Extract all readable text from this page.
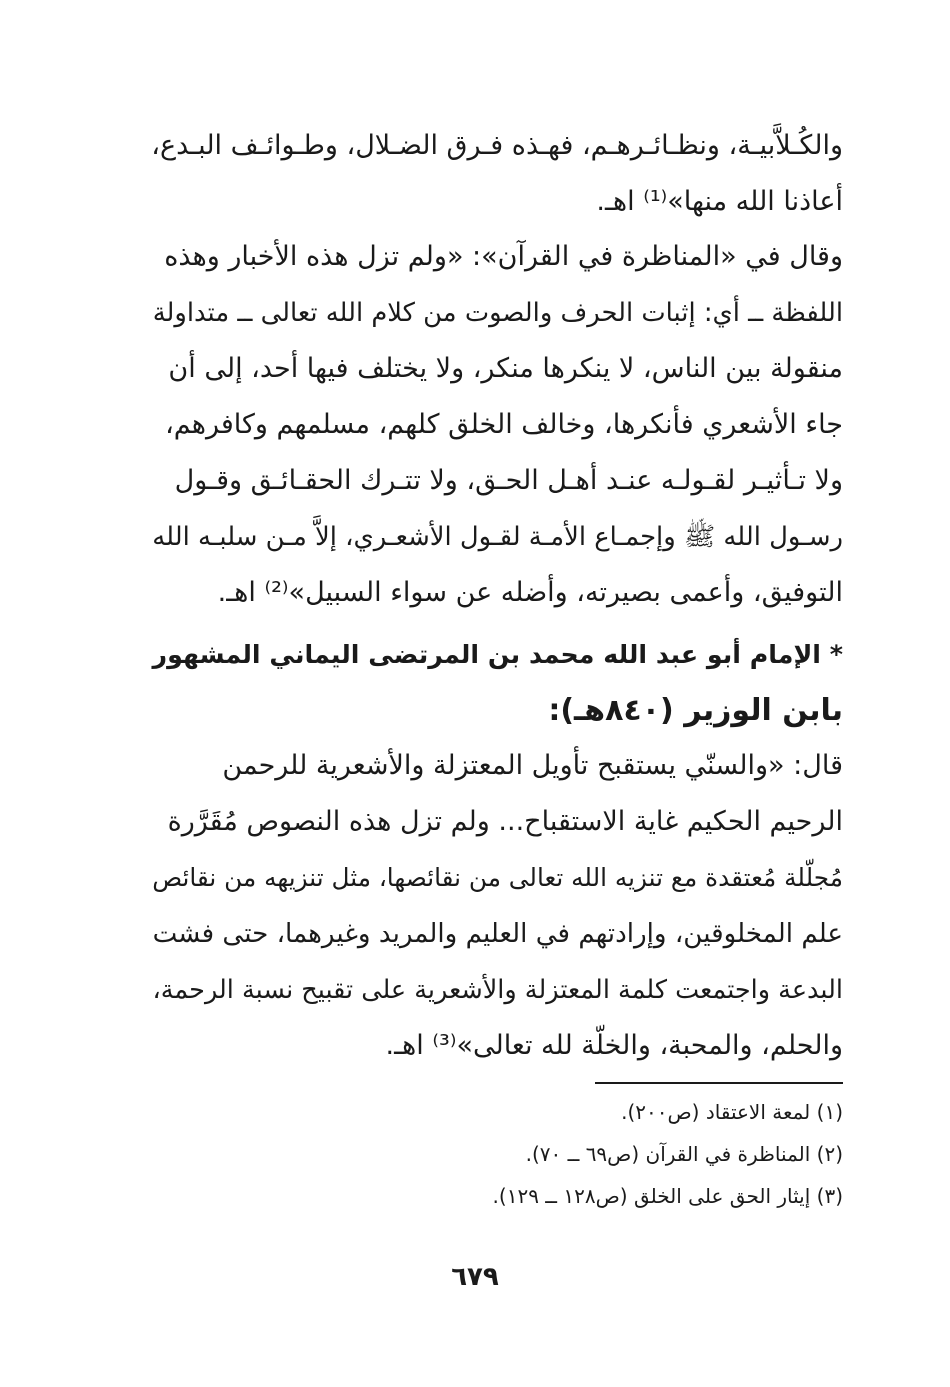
والكُـلاَّبيـة، ونظـائـرهـم، فهـذه فـرق الضـلال، وطـوائـف البـدع،
أعاذنا الله منها»⁽¹⁾ اهـ.
وقال في «المناظرة في القرآن»: «ولم تزل هذه الأخبار وهذه
اللفظة ــ أي: إثبات الحرف والصوت من كلام الله تعالى ــ متداولة
منقولة بين الناس، لا ينكرها منكر، ولا يختلف فيها أحد، إلى أن
جاء الأشعري فأنكرها، وخالف الخلق كلهم، مسلمهم وكافرهم،
ولا تـأثيـر لقـولـه عنـد أهـل الحـق، ولا تتـرك الحقـائـق وقـول
رسـول الله ﷺ وإجمـاع الأمـة لقـول الأشعـري، إلاَّ مـن سلبـه الله
التوفيق، وأعمى بصيرته، وأضله عن سواء السبيل»⁽²⁾ اهـ.
* الإمام أبو عبد الله محمد بن المرتضى اليماني المشهور
بابن الوزير (٨٤٠هـ):
قال: «والسنّي يستقبح تأويل المعتزلة والأشعرية للرحمن
الرحيم الحكيم غاية الاستقباح... ولم تزل هذه النصوص مُقَرَّرة
مُجلّلة مُعتقدة مع تنزيه الله تعالى من نقائصها، مثل تنزيهه من نقائص
علم المخلوقين، وإرادتهم في العليم والمريد وغيرهما، حتى فشت
البدعة واجتمعت كلمة المعتزلة والأشعرية على تقبيح نسبة الرحمة،
والحلم، والمحبة، والخلّة لله تعالى»⁽³⁾ اهـ.
(١) لمعة الاعتقاد (ص٢٠٠).
(٢) المناظرة في القرآن (ص٦٩ ــ ٧٠).
(٣) إيثار الحق على الخلق (ص١٢٨ ــ ١٢٩).
٦٧٩
